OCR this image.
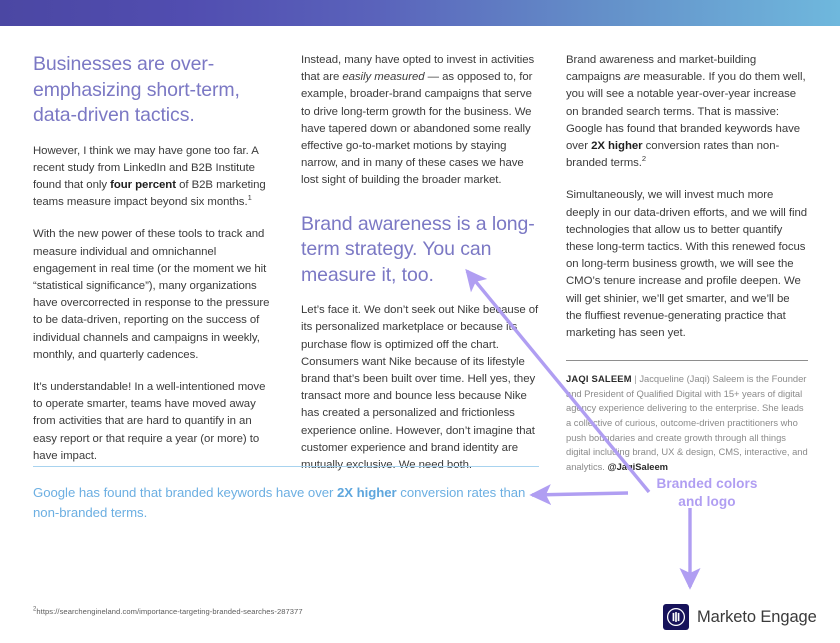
Businesses are over-emphasizing short-term, data-driven tactics.

However, I think we may have gone too far. A recent study from LinkedIn and B2B Institute found that only four percent of B2B marketing teams measure impact beyond six months.$^1$

With the new power of these tools to track and measure individual and omnichannel engagement in real time (or the moment we hit “statistical significance”), many organizations have overcorrected in response to the pressure to be data-driven, reporting on the success of individual channels and campaigns in weekly, monthly, and quarterly cadences.

It’s understandable! In a well-intentioned move to operate smarter, teams have moved away from activities that are hard to quantify in an easy report or that require a year (or more) to have impact.

Instead, many have opted to invest in activities that are easily measured — as opposed to, for example, broader-brand campaigns that serve to drive long-term growth for the business. We have tapered down or abandoned some really effective go-to-market motions by staying narrow, and in many of these cases we have lost sight of building the broader market.

Brand awareness is a long-term strategy. You can measure it, too.

Let’s face it. We don’t seek out Nike because of its personalized marketplace or because its purchase flow is optimized off the chart. Consumers want Nike because of its lifestyle brand that’s been built over time. Hell yes, they transact more and bounce less because Nike has created a personalized and frictionless experience online. However, don’t imagine that customer experience and brand identity are mutually exclusive. We need both.

Brand awareness and market-building campaigns are measurable. If you do them well, you will see a notable year-over-year increase on branded search terms. That is massive: Google has found that branded keywords have over 2X higher conversion rates than non-branded terms.$^2$

Simultaneously, we will invest much more deeply in our data-driven efforts, and we will find technologies that allow us to better quantify these long-term tactics. With this renewed focus on long-term business growth, we will see the CMO’s tenure increase and profile deepen. We will get shinier, we’ll get smarter, and we’ll be the fluffiest revenue-generating practice that marketing has seen yet.

JAQI SALEEM | Jacqueline (Jaqi) Saleem is the Founder and President of Qualified Digital with 15+ years of digital agency experience delivering to the enterprise. She leads a collective of curious, outcome-driven practitioners who push boundaries and create growth through all things digital including brand, UX & design, CMS, interactive, and analytics. @JaqiSaleem

Google has found that branded keywords have over 2X higher conversion rates than non-branded terms.

Branded colors
and logo
$^2$https://searchengineland.com/importance-targeting-branded-searches-287377	Marketo Engage
